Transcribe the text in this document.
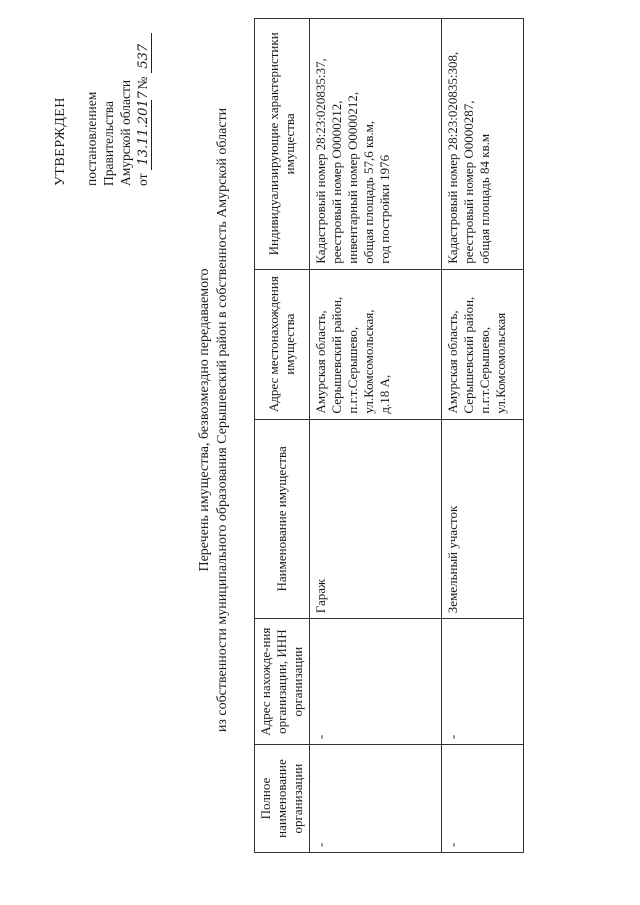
УТВЕРЖДЕН постановлением Правительства Амурской области от
13.11.2017
№
537
Перечень имущества, безвозмездно передаваемого из собственности муниципального образования Серышевский район в собственность Амурской области
Полное наименование организации	Адрес нахожде-ния организации, ИНН организации	Наименование имущества	Адрес местонахождения имущества	Индивидуализирующие характеристики имущества
-	-	Гараж	Амурская область, Серышевский район, п.г.т.Серышево, ул.Комсомольская, д.18 А,	Кадастровый номер 28:23:020835:37, реестровый номер О0000212, инвентарный номер О0000212, общая площадь 57,6 кв.м, год постройки 1976

-	-	Земельный участок	Амурская область, Серышевский район, п.г.т.Серышево, ул.Комсомольская	Кадастровый номер 28:23:020835:308, реестровый номер О0000287, общая площадь 84 кв.м
